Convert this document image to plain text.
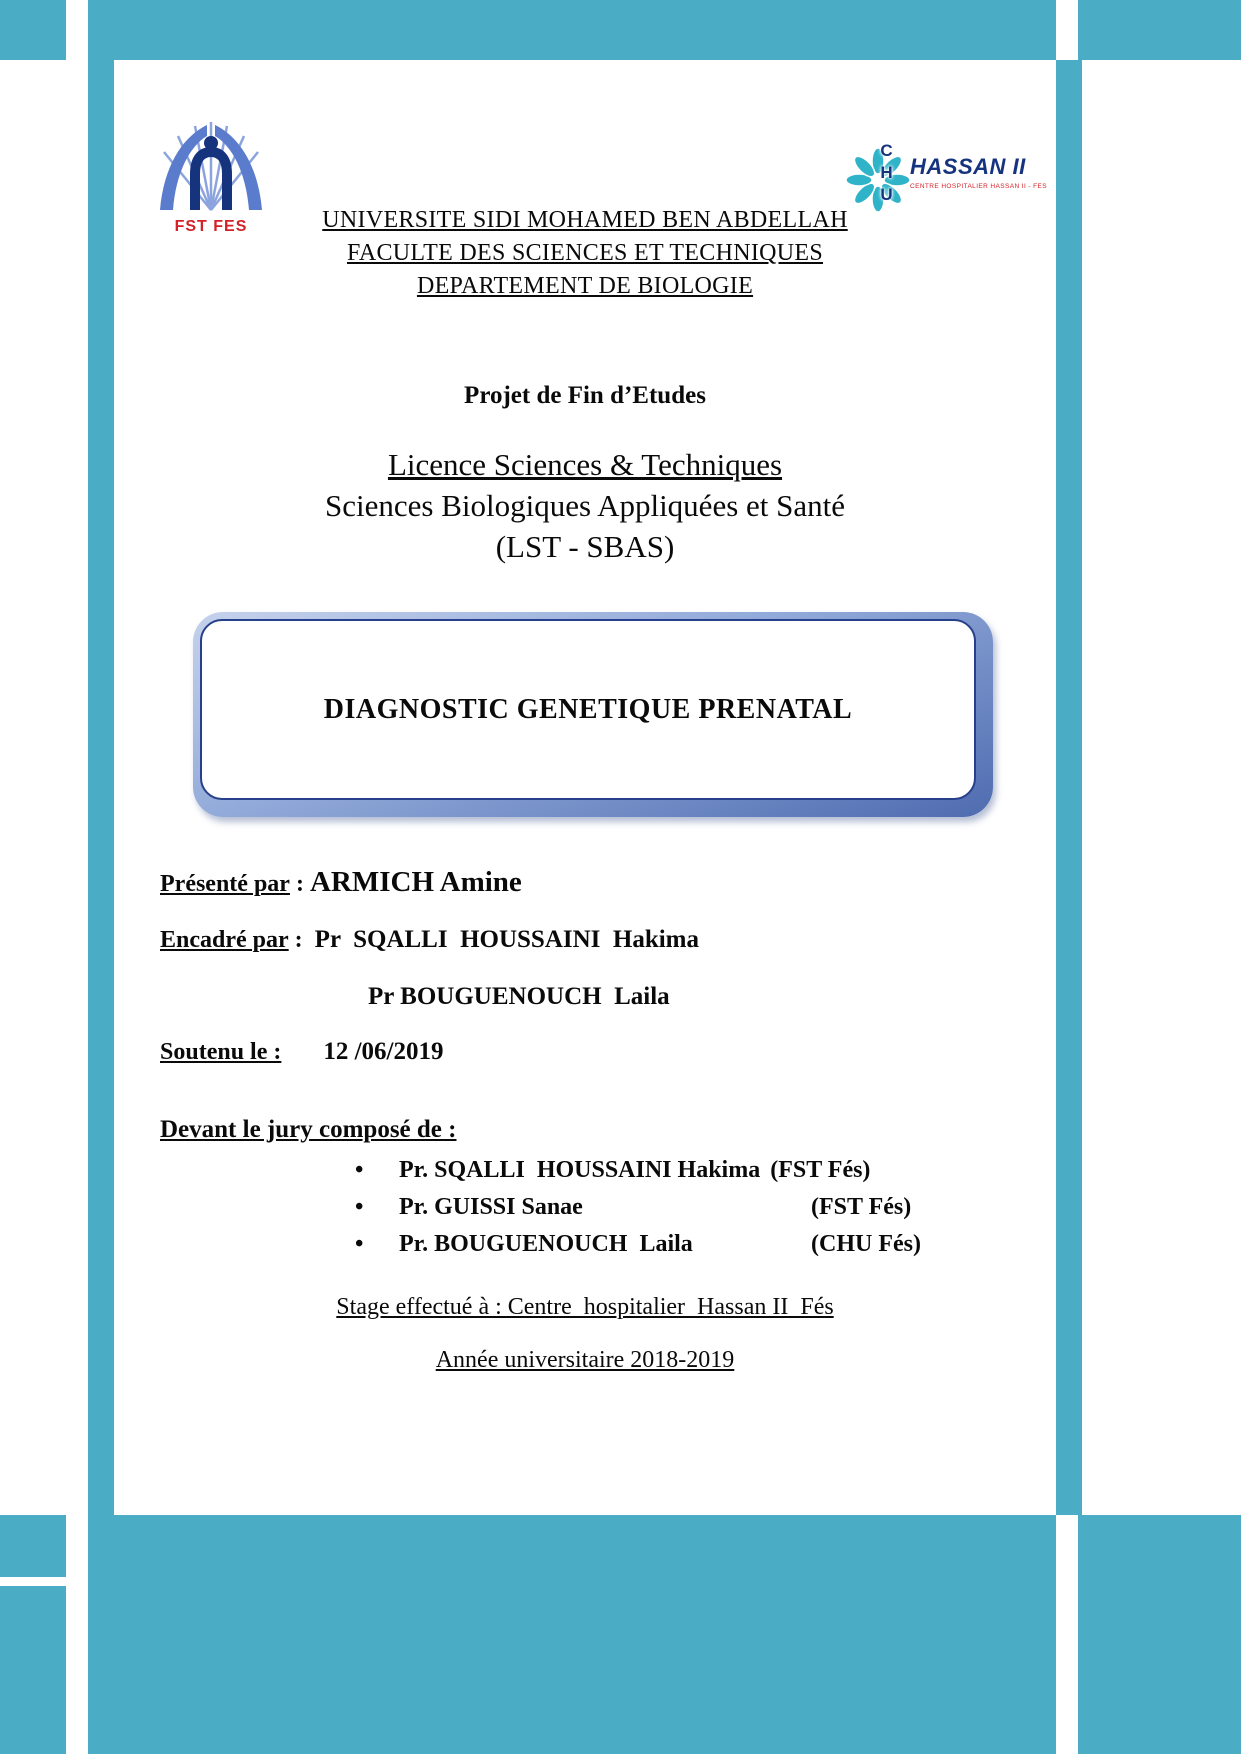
FST FES
CHU HASSAN II
CENTRE HOSPITALIER HASSAN II - FES
UNIVERSITE SIDI MOHAMED BEN ABDELLAH
FACULTE DES SCIENCES ET TECHNIQUES
DEPARTEMENT DE BIOLOGIE
Projet de Fin d’Etudes
Licence Sciences & Techniques
Sciences Biologiques Appliquées et Santé
(LST - SBAS)
DIAGNOSTIC GENETIQUE PRENATAL
Présenté par : ARMICH Amine
Encadré par : Pr  SQALLI  HOUSSAINI  Hakima
Pr BOUGUENOUCH  Laila
Soutenu le : 12 /06/2019
Devant le jury composé de :
•	Pr. SQALLI  HOUSSAINI Hakima (FST Fés)
•	Pr. GUISSI Sanae	(FST Fés)
•	Pr. BOUGUENOUCH  Laila	(CHU Fés)
Stage effectué à : Centre  hospitalier  Hassan II  Fés
Année universitaire 2018-2019
